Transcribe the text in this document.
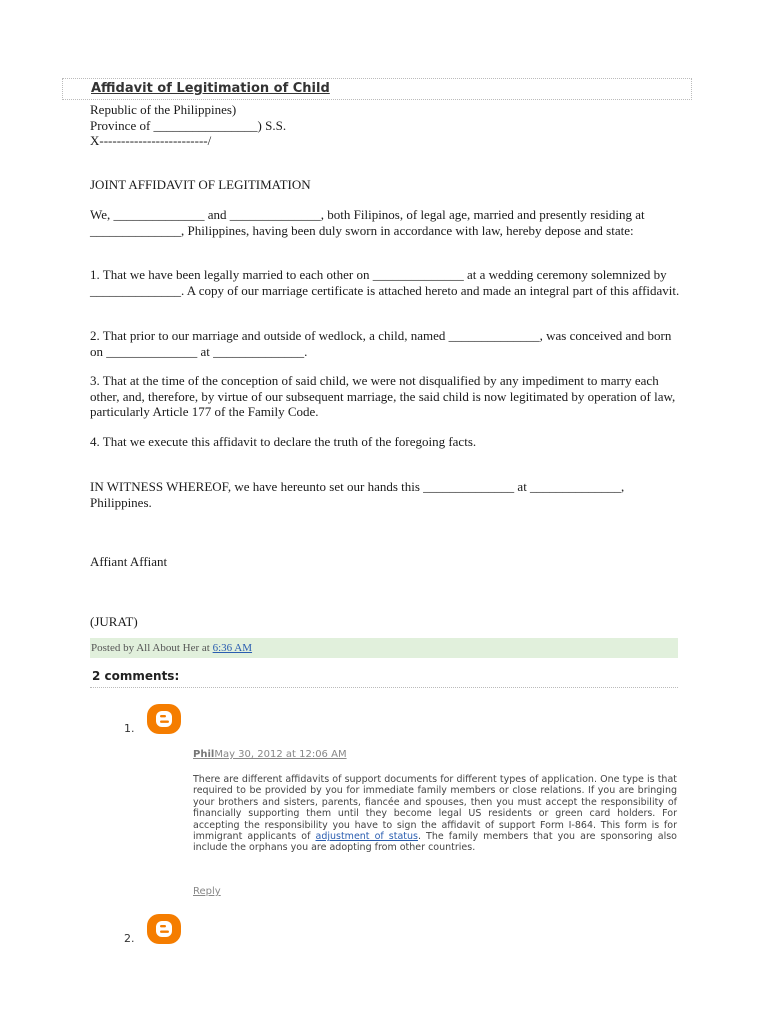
Affidavit of Legitimation of Child
Republic of the Philippines)
Province of ________________) S.S.
X-------------------------/
JOINT AFFIDAVIT OF LEGITIMATION
We, ______________ and ______________, both Filipinos, of legal age, married and presently residing at ______________, Philippines, having been duly sworn in accordance with law, hereby depose and state:
1. That we have been legally married to each other on ______________ at a wedding ceremony solemnized by ______________. A copy of our marriage certificate is attached hereto and made an integral part of this affidavit.
2. That prior to our marriage and outside of wedlock, a child, named ______________, was conceived and born on ______________ at ______________.
3. That at the time of the conception of said child, we were not disqualified by any impediment to marry each other, and, therefore, by virtue of our subsequent marriage, the said child is now legitimated by operation of law, particularly Article 177 of the Family Code.
4. That we execute this affidavit to declare the truth of the foregoing facts.
IN WITNESS WHEREOF, we have hereunto set our hands this ______________ at ______________, Philippines.
Affiant Affiant
(JURAT)
Posted by All About Her at 6:36 AM
2 comments:
1.
PhilMay 30, 2012 at 12:06 AM
There are different affidavits of support documents for different types of application. One type is that required to be provided by you for immediate family members or close relations. If you are bringing your brothers and sisters, parents, fiancée and spouses, then you must accept the responsibility of financially supporting them until they become legal US residents or green card holders. For accepting the responsibility you have to sign the affidavit of support Form I-864. This form is for immigrant applicants of adjustment of status. The family members that you are sponsoring also include the orphans you are adopting from other countries.
Reply
2.
